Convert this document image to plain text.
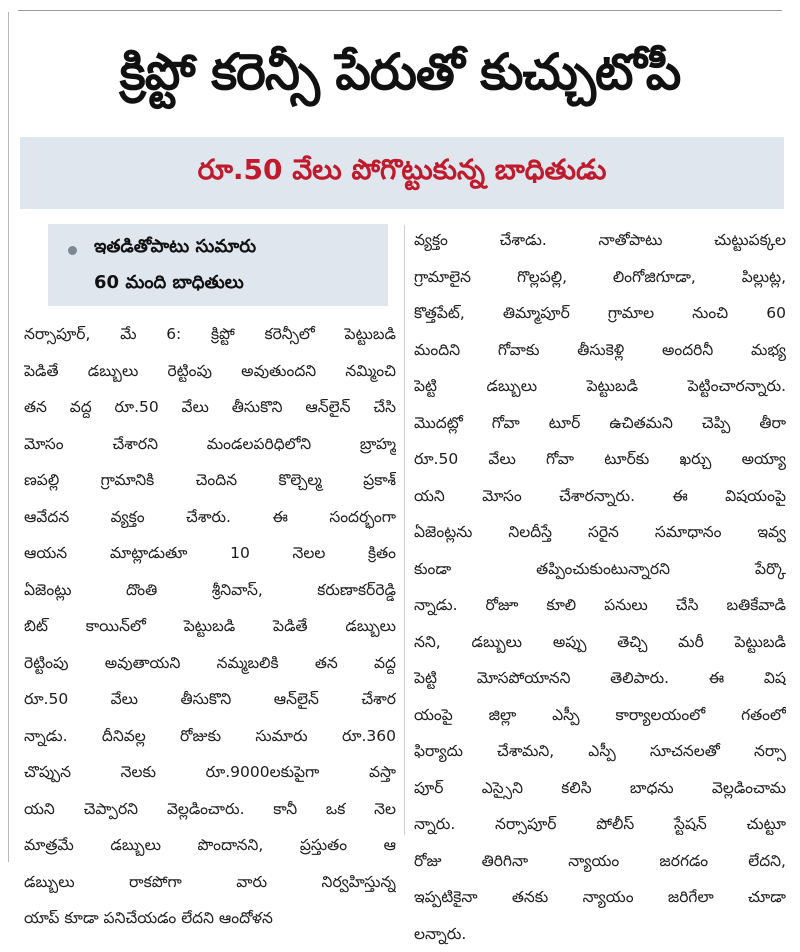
క్రిప్టో కరెన్సీ పేరుతో కుచ్చుటోపీ
రూ.50 వేలు పోగొట్టుకున్న బాధితుడు
ఇతడితోపాటు సుమారు
60 మంది బాధితులు
నర్సాపూర్, మే 6: క్రిప్టో కరెన్సీలో పెట్టుబడి
పెడితే డబ్బులు రెట్టింపు అవుతుందని నమ్మించి
తన వద్ద రూ.50 వేలు తీసుకొని ఆన్‌లైన్ చేసి
మోసం చేశారని మండలపరిధిలోని బ్రాహ్మ
ణపల్లి గ్రామానికి చెందిన కొల్చెల్మ ప్రకాశ్
ఆవేదన వ్యక్తం చేశారు. ఈ సందర్భంగా
ఆయన మాట్లాడుతూ 10 నెలల క్రితం
ఏజెంట్లు దొంతి శ్రీనివాస్, కరుణాకర్‌రెడ్డి
బిట్ కాయిన్‌లో పెట్టుబడి పెడితే డబ్బులు
రెట్టింపు అవుతాయని నమ్మబలికి తన వద్ద
రూ.50 వేలు తీసుకొని ఆన్‌లైన్ చేశార
న్నాడు. దీనివల్ల రోజుకు సుమారు రూ.360
చొప్పున నెలకు రూ.9000లకుపైగా వస్తా
యని చెప్పారని వెల్లడించారు. కానీ ఒక నెల
మాత్రమే డబ్బులు పొందానని, ప్రస్తుతం ఆ
డబ్బులు రాకపోగా వారు నిర్వహిస్తున్న
యాప్ కూడా పనిచేయడం లేదని ఆందోళన
వ్యక్తం చేశాడు. నాతోపాటు చుట్టుపక్కల
గ్రామాలైన గొల్లపల్లి, లింగోజిగూడా, పిల్లుట్ల,
కొత్తపేట్, తిమ్మాపూర్ గ్రామాల నుంచి 60
మందిని గోవాకు తీసుకెళ్లి అందరినీ మభ్య
పెట్టి డబ్బులు పెట్టుబడి పెట్టించారన్నారు.
మొదట్లో గోవా టూర్ ఉచితమని చెప్పి తీరా
రూ.50 వేలు గోవా టూర్‌కు ఖర్చు అయ్యా
యని మోసం చేశారన్నారు. ఈ విషయంపై
ఏజెంట్లను నిలదీస్తే సరైన సమాధానం ఇవ్వ
కుండా తప్పించుకుంటున్నారని పేర్కొ
న్నాడు. రోజూ కూలి పనులు చేసి బతికేవాడి
నని, డబ్బులు అప్పు తెచ్చి మరీ పెట్టుబడి
పెట్టి మోసపోయానని తెలిపారు. ఈ విష
యంపై జిల్లా ఎస్పీ కార్యాలయంలో గతంలో
ఫిర్యాదు చేశామని, ఎస్పీ సూచనలతో నర్సా
పూర్ ఎస్సైని కలిసి బాధను వెల్లడించామ
న్నారు. నర్సాపూర్ పోలీస్ స్టేషన్ చుట్టూ
రోజు తిరిగినా న్యాయం జరగడం లేదని,
ఇప్పటికైనా తనకు న్యాయం జరిగేలా చూడా
లన్నారు.
